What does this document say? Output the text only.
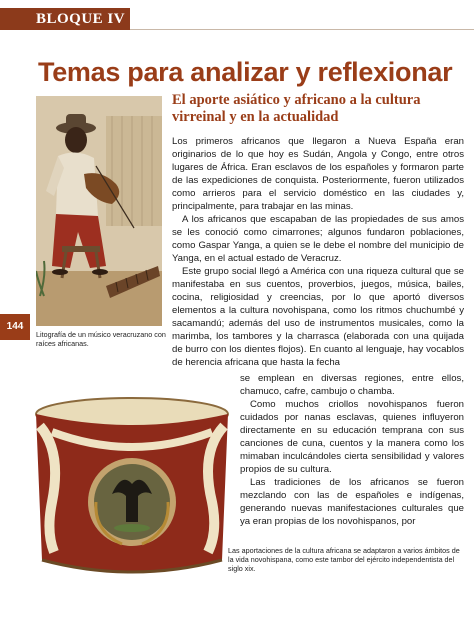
BLOQUE IV
Temas para analizar y reflexionar
144
Litografía de un músico veracruzano con raíces africanas.
El aporte asiático y africano a la cultura virreinal y en la actualidad

Los primeros africanos que llegaron a Nueva España eran originarios de lo que hoy es Sudán, Angola y Congo, entre otros lugares de África. Eran esclavos de los españoles y formaron parte de las expediciones de conquista. Posteriormente, fueron utilizados como arrieros para el servicio doméstico en las ciudades y, principalmente, para trabajar en las minas.

A los africanos que escapaban de las propiedades de sus amos se les conoció como cimarrones; algunos fundaron poblaciones, como Gaspar Yanga, a quien se le debe el nombre del municipio de Yanga, en el actual estado de Veracruz.

Este grupo social llegó a América con una riqueza cultural que se manifestaba en sus cuentos, proverbios, juegos, música, bailes, cocina, religiosidad y creencias, por lo que aportó diversos elementos a la cultura novohispana, como los ritmos chuchumbé y sacamandú; además del uso de instrumentos musicales, como la marimba, los tambores y la charrasca (elaborada con una quijada de burro con los dientes flojos). En cuanto al lenguaje, hay vocablos de herencia africana que hasta la fecha

se emplean en diversas regiones, entre ellos, chamuco, cafre, cambujo o chamba.

Como muchos criollos novohispanos fueron cuidados por nanas esclavas, quienes influyeron directamente en su educación temprana con sus canciones de cuna, cuentos y la manera como los mimaban inculcándoles cierta sensibilidad y valores propios de su cultura.

Las tradiciones de los africanos se fueron mezclando con las de españoles e indígenas, generando nuevas manifestaciones culturales que ya eran propias de los novohispanos, por

Las aportaciones de la cultura africana se adaptaron a varios ámbitos de la vida novohispana, como este tambor del ejército independentista del siglo xix.
